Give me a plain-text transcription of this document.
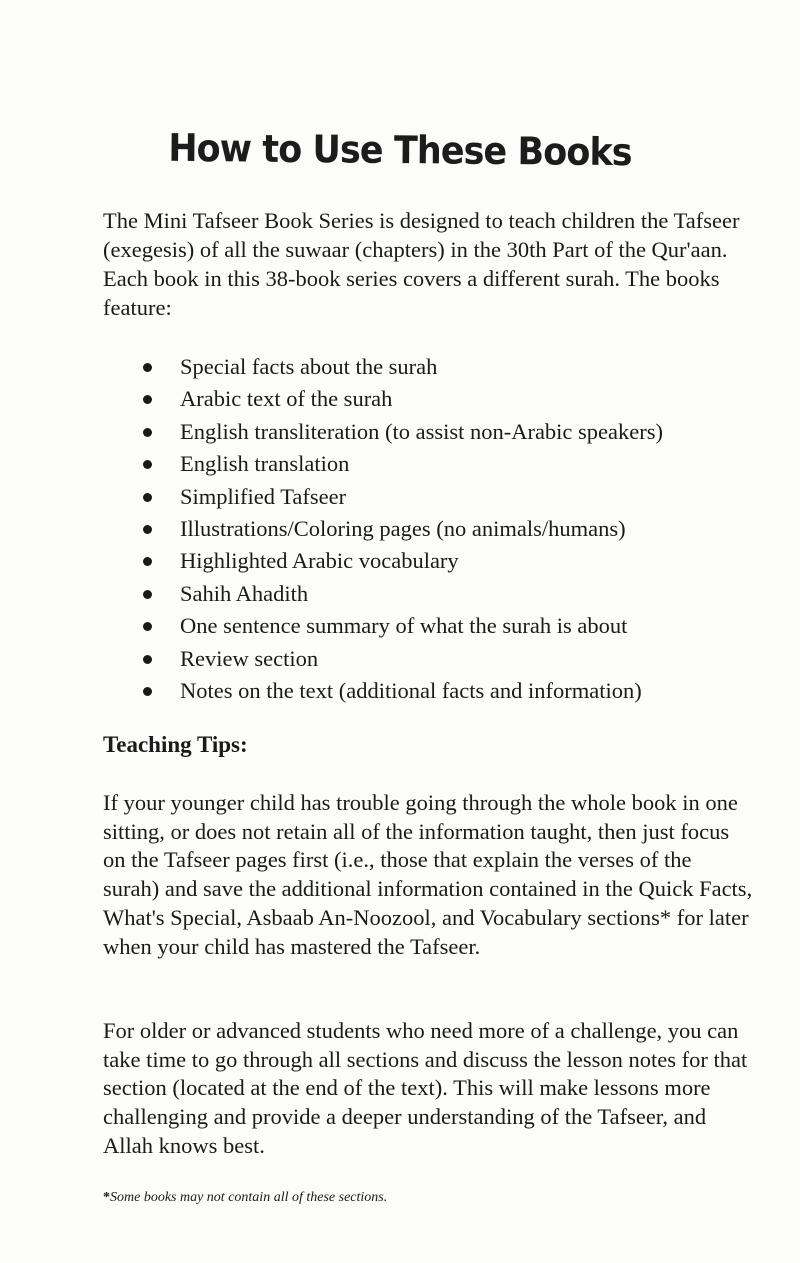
How to Use These Books

The Mini Tafseer Book Series is designed to teach children the Tafseer (exegesis) of all the suwaar (chapters) in the 30th Part of the Qur'aan. Each book in this 38-book series covers a different surah. The books feature:

Special facts about the surah
Arabic text of the surah
English transliteration (to assist non-Arabic speakers)
English translation
Simplified Tafseer
Illustrations/Coloring pages (no animals/humans)
Highlighted Arabic vocabulary
Sahih Ahadith
One sentence summary of what the surah is about
Review section
Notes on the text (additional facts and information)
Teaching Tips:

If your younger child has trouble going through the whole book in one sitting, or does not retain all of the information taught, then just focus on the Tafseer pages first (i.e., those that explain the verses of the surah) and save the additional information contained in the Quick Facts, What's Special, Asbaab An-Noozool, and Vocabulary sections* for later when your child has mastered the Tafseer.

For older or advanced students who need more of a challenge, you can take time to go through all sections and discuss the lesson notes for that section (located at the end of the text). This will make lessons more challenging and provide a deeper understanding of the Tafseer, and Allah knows best.

*Some books may not contain all of these sections.
